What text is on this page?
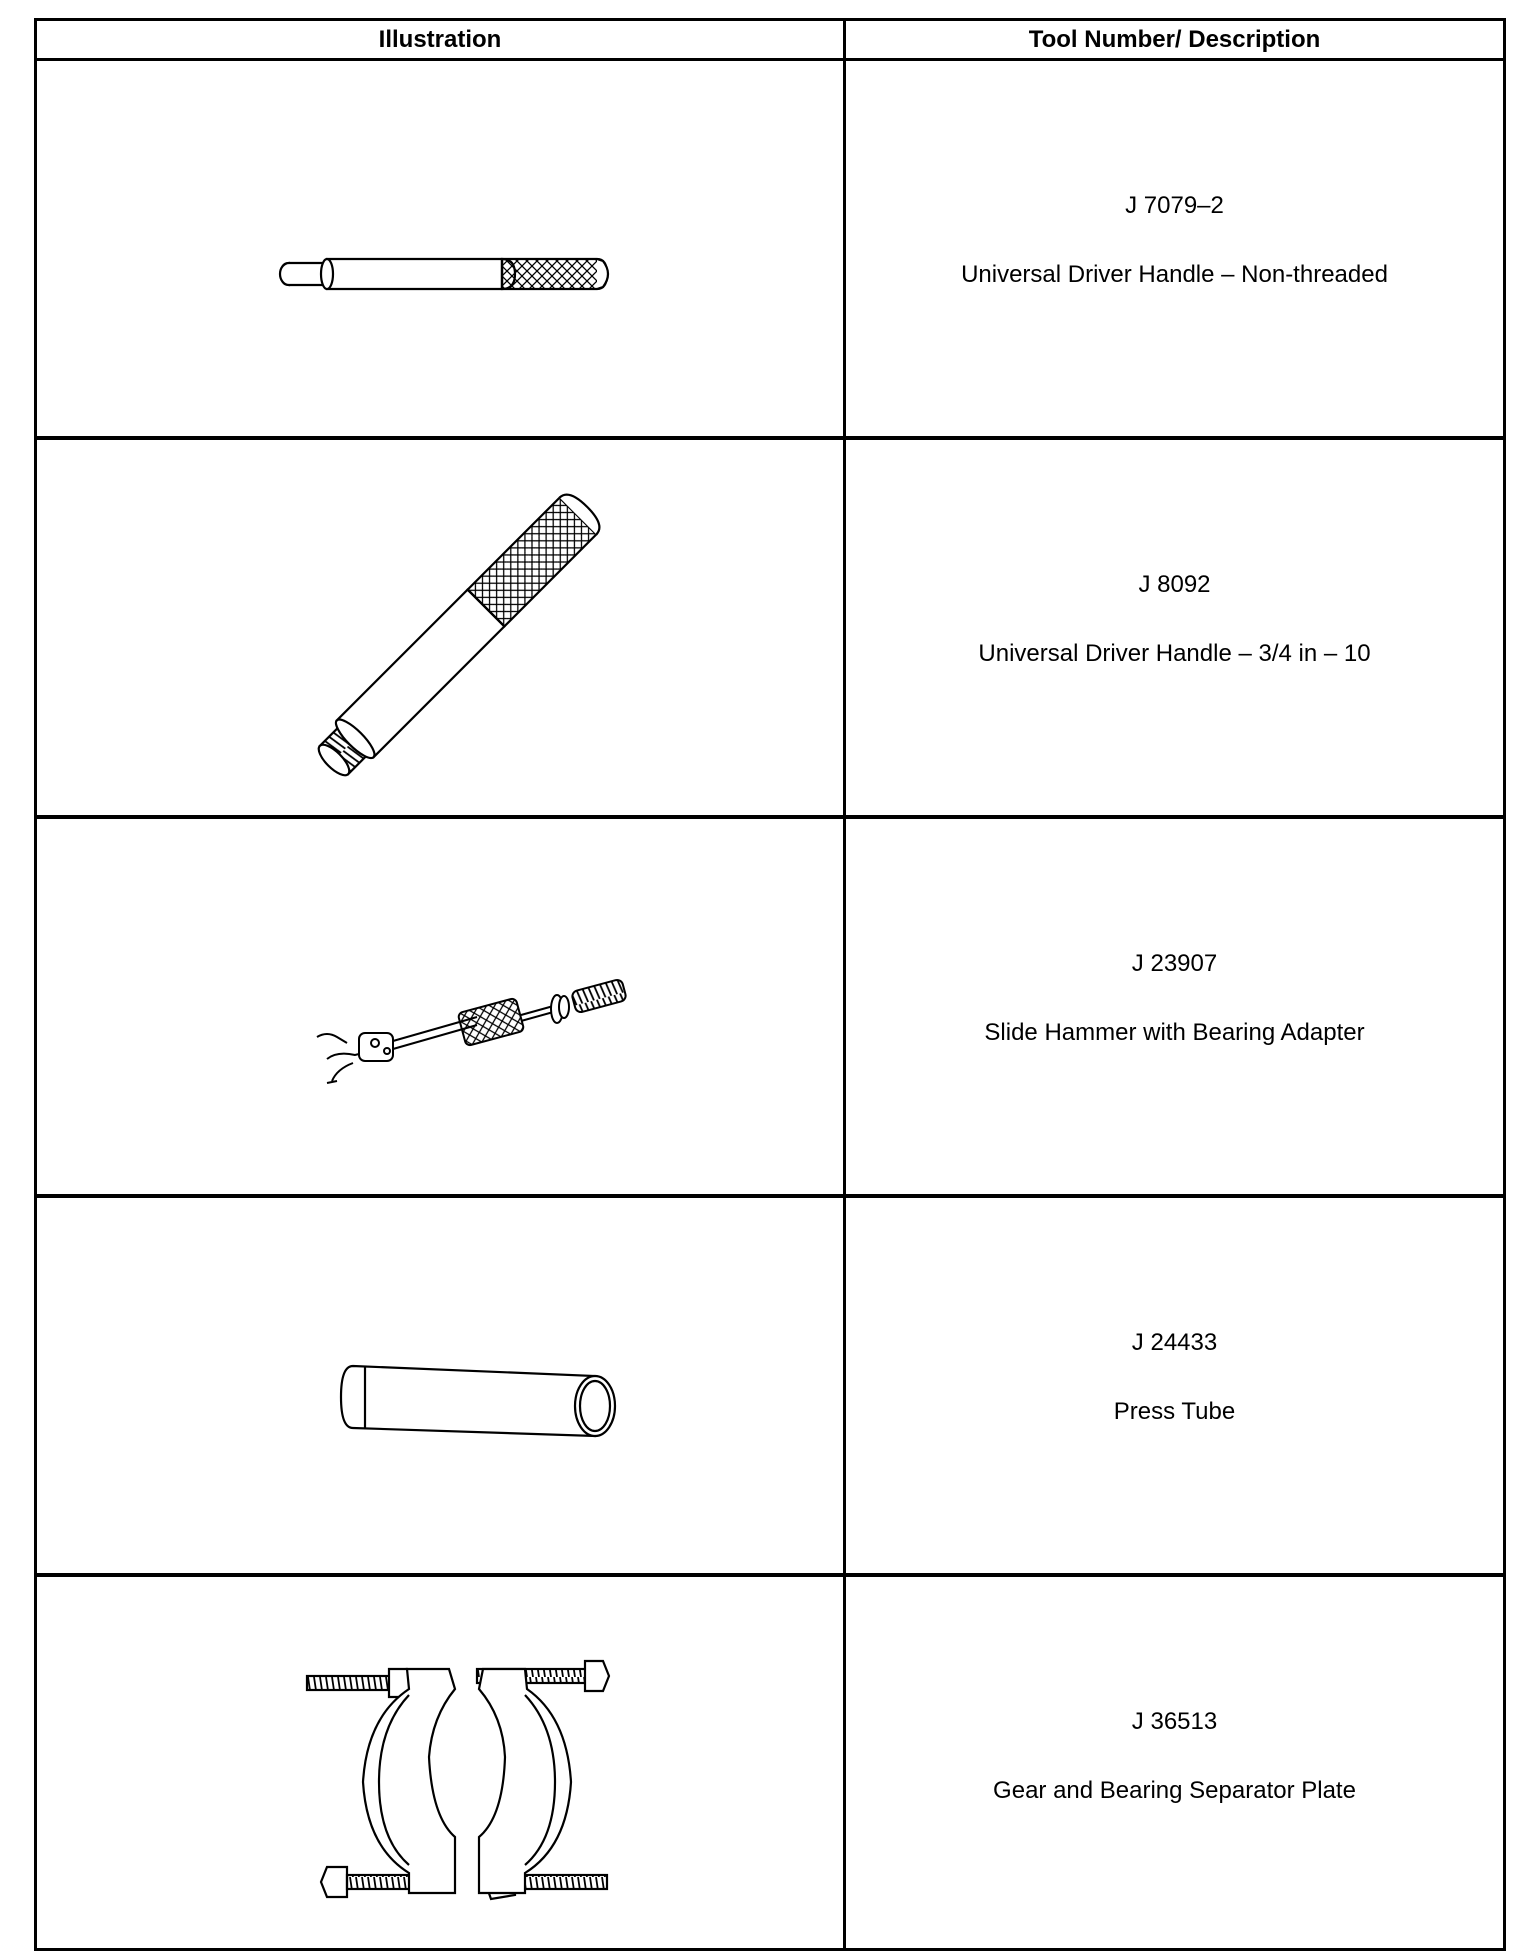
Illustration	Tool Number/ Description
J 7079–2
Universal Driver Handle – Non-threaded
J 8092
Universal Driver Handle – 3/4 in – 10
J 23907
Slide Hammer with Bearing Adapter
J 24433
Press Tube
J 36513
Gear and Bearing Separator Plate
